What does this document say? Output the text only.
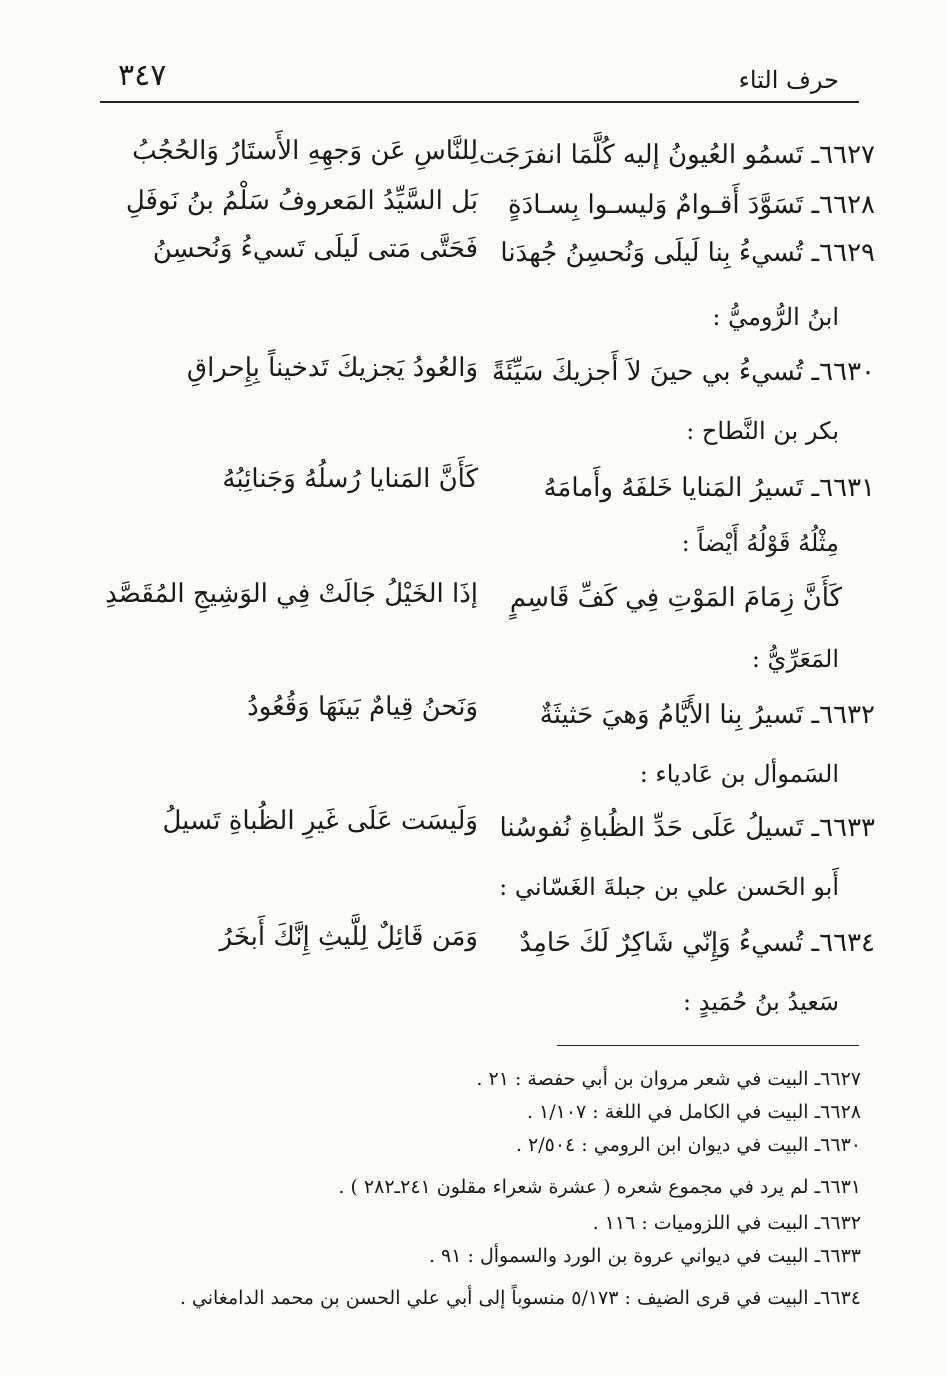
٣٤٧	حرف التاء
٦٦٢٧ـ تَسمُو العُيونُ إليه كُلَّمَا انفرَجَت
لِلنَّاسِ عَن وَجهِهِ الأَستَارُ وَالحُجُبُ
٦٦٢٨ـ تَسَوَّدَ أَقـوامٌ وَليسـوا بِسـادَةٍ
بَل السَّيِّدُ المَعروفُ سَلْمُ بنُ نَوفَلِ
٦٦٢٩ـ تُسيءُ بِنا لَيلَى وَنُحسِنُ جُهدَنا
فَحَتَّى مَتى لَيلَى تَسيءُ وَنُحسِنُ
ابنُ الرُّوميُّ :
٦٦٣٠ـ تُسيءُ بي حينَ لاَ أَجزيكَ سَيِّئَةً
وَالعُودُ يَجزيكَ تَدخيناً بِإِحراقِ
بكر بن النَّطاح :
٦٦٣١ـ تَسيرُ المَنايا خَلفَهُ وأَمامَهُ
كَأَنَّ المَنايا رُسلُهُ وَجَنائِبُهُ
مِثْلُهُ قَوْلُهُ أَيْضاً :
كَأَنَّ زِمَامَ المَوْتِ فِي كَفِّ قَاسِمٍ
إذَا الخَيْلُ جَالَتْ فِي الوَشِيجِ المُقَصَّدِ
المَعَرِّيُّ :
٦٦٣٢ـ تَسيرُ بِنا الأَيَّامُ وَهيَ حَثيثَةٌ
وَنَحنُ قِيامٌ بَينَهَا وَقُعُودُ
السَموأل بن عَادياء :
٦٦٣٣ـ تَسيلُ عَلَى حَدِّ الظُباةِ نُفوسُنا
وَلَيسَت عَلَى غَيرِ الظُباةِ تَسيلُ
أَبو الحَسن علي بن جبلةَ الغَسّاني :
٦٦٣٤ـ تُسيءُ وَإِنّي شَاكِرٌ لَكَ حَامِدٌ
وَمَن قَائِلٌ لِلَّيثِ إِنَّكَ أَبخَرُ
سَعيدُ بنُ حُمَيدٍ :
٦٦٢٧ـ البيت في شعر مروان بن أبي حفصة : ٢١ .
٦٦٢٨ـ البيت في الكامل في اللغة : ١/١٠٧ .
٦٦٣٠ـ البيت في ديوان ابن الرومي : ٢/٥٠٤ .
٦٦٣١ـ لم يرد في مجموع شعره ( عشرة شعراء مقلون ٢٤١ـ٢٨٢ ) .
٦٦٣٢ـ البيت في اللزوميات : ١١٦ .
٦٦٣٣ـ البيت في ديواني عروة بن الورد والسموأل : ٩١ .
٦٦٣٤ـ البيت في قرى الضيف : ٥/١٧٣ منسوباً إلى أبي علي الحسن بن محمد الدامغاني .
